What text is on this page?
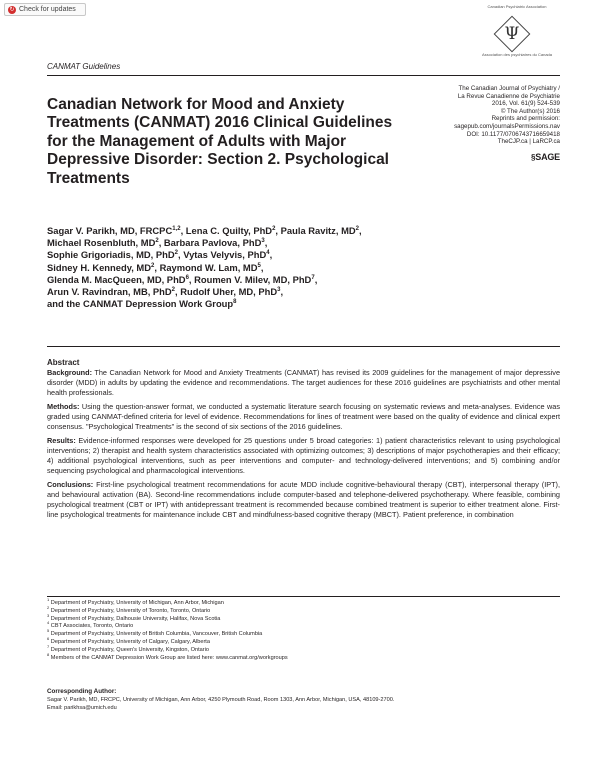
↻ Check for updates	Canadian Psychiatric Association
Ψ
Association des psychiatres du Canada
CANMAT Guidelines
Canadian Network for Mood and Anxiety Treatments (CANMAT) 2016 Clinical Guidelines for the Management of Adults with Major Depressive Disorder: Section 2. Psychological Treatments
The Canadian Journal of Psychiatry /
La Revue Canadienne de Psychiatrie
2016, Vol. 61(9) 524-539
© The Author(s) 2016
Reprints and permission:
sagepub.com/journalsPermissions.nav
DOI: 10.1177/0706743716659418
TheCJP.ca | LaRCP.ca
§SAGE
Sagar V. Parikh, MD, FRCPC$^{1,2}$, Lena C. Quilty, PhD$^2$, Paula Ravitz, $MD^2$,
Michael Rosenbluth, $MD^2$, Barbara Pavlova, PhD$^3$,
Sophie Grigoriadis, MD, PhD$^2$, Vytas Velyvis, PhD$^4$,
Sidney H. Kennedy, $MD^2$, Raymond W. Lam, $MD^5$,
Glenda M. MacQueen, MD, PhD$^6$, Roumen V. Milev, MD, PhD$^7$,
Arun V. Ravindran, MB, PhD$^2$, Rudolf Uher, MD, PhD$^3$,
and the CANMAT Depression Work Group$^8$
Abstract

Background: The Canadian Network for Mood and Anxiety Treatments (CANMAT) has revised its 2009 guidelines for the management of major depressive disorder (MDD) in adults by updating the evidence and recommendations. The target audiences for these 2016 guidelines are psychiatrists and other mental health professionals.

Methods: Using the question-answer format, we conducted a systematic literature search focusing on systematic reviews and meta-analyses. Evidence was graded using CANMAT-defined criteria for level of evidence. Recommendations for lines of treatment were based on the quality of evidence and clinical expert consensus. "Psychological Treatments" is the second of six sections of the 2016 guidelines.

Results: Evidence-informed responses were developed for 25 questions under 5 broad categories: 1) patient characteristics relevant to using psychological interventions; 2) therapist and health system characteristics associated with optimizing outcomes; 3) descriptions of major psychotherapies and their efficacy; 4) additional psychological interventions, such as peer interventions and computer- and technology-delivered interventions; and 5) combining and/or sequencing psychological and pharmacological interventions.

Conclusions: First-line psychological treatment recommendations for acute MDD include cognitive-behavioural therapy (CBT), interpersonal therapy (IPT), and behavioural activation (BA). Second-line recommendations include computer-based and telephone-delivered psychotherapy. Where feasible, combining psychological treatment (CBT or IPT) with antidepressant treatment is recommended because combined treatment is superior to either treatment alone. First-line psychological treatments for maintenance include CBT and mindfulness-based cognitive therapy (MBCT). Patient preference, in combination

$^1$ Department of Psychiatry, University of Michigan, Ann Arbor, Michigan
$^2$ Department of Psychiatry, University of Toronto, Toronto, Ontario
$^3$ Department of Psychiatry, Dalhousie University, Halifax, Nova Scotia
$^4$ CBT Associates, Toronto, Ontario
$^5$ Department of Psychiatry, University of British Columbia, Vancouver, British Columbia
$^6$ Department of Psychiatry, University of Calgary, Calgary, Alberta
$^7$ Department of Psychiatry, Queen's University, Kingston, Ontario
$^8$ Members of the CANMAT Depression Work Group are listed here: www.canmat.org/workgroups
Corresponding Author:
Sagar V. Parikh, MD, FRCPC, University of Michigan, Ann Arbor, 4250 Plymouth Road, Room 1303, Ann Arbor, Michigan, USA, 48109-2700.
Email: parikhsa@umich.edu
